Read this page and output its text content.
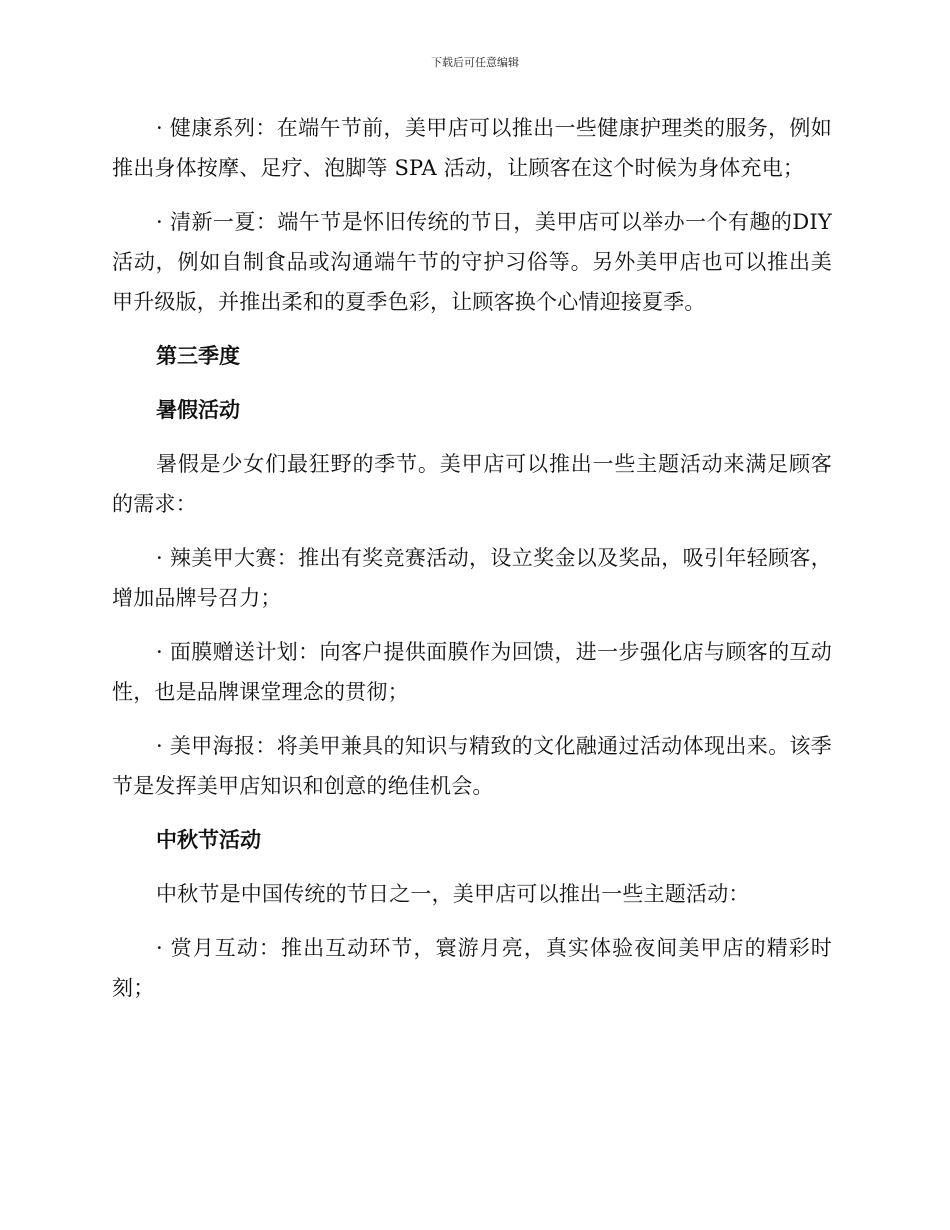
下载后可任意编辑

· 健康系列：在端午节前，美甲店可以推出一些健康护理类的服务，例如推出身体按摩、足疗、泡脚等 SPA 活动，让顾客在这个时候为身体充电；

· 清新一夏：端午节是怀旧传统的节日，美甲店可以举办一个有趣的DIY 活动，例如自制食品或沟通端午节的守护习俗等。另外美甲店也可以推出美甲升级版，并推出柔和的夏季色彩，让顾客换个心情迎接夏季。

第三季度

暑假活动

暑假是少女们最狂野的季节。美甲店可以推出一些主题活动来满足顾客的需求：

· 辣美甲大赛：推出有奖竞赛活动，设立奖金以及奖品，吸引年轻顾客，增加品牌号召力；

· 面膜赠送计划：向客户提供面膜作为回馈，进一步强化店与顾客的互动性，也是品牌课堂理念的贯彻；

· 美甲海报：将美甲兼具的知识与精致的文化融通过活动体现出来。该季节是发挥美甲店知识和创意的绝佳机会。

中秋节活动

中秋节是中国传统的节日之一，美甲店可以推出一些主题活动：

· 赏月互动：推出互动环节，寰游月亮，真实体验夜间美甲店的精彩时刻；
